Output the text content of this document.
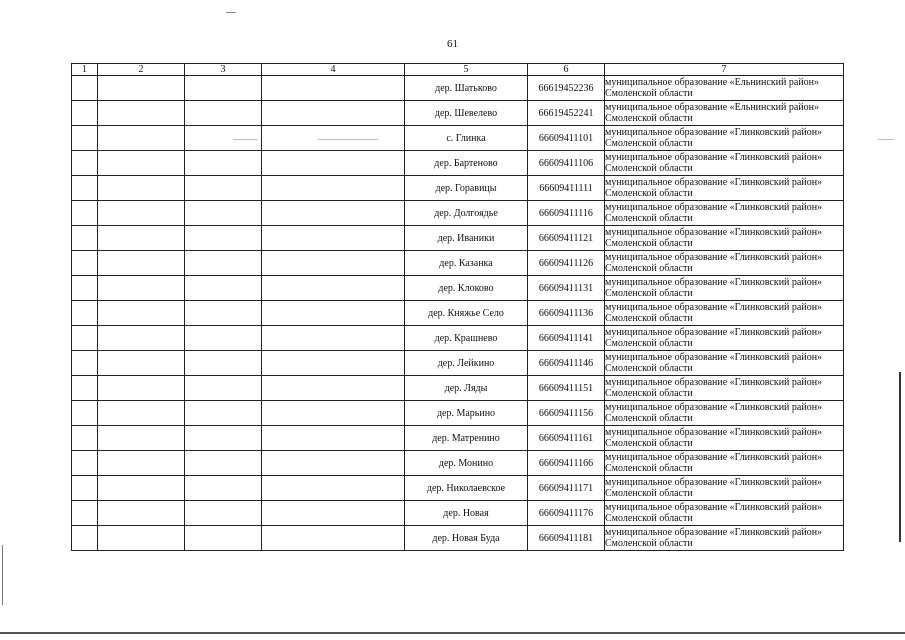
61
1	2	3	4	5	6	7
				дер. Шатьково	66619452236	муниципальное образование «Ельнинский район» Смоленской области
				дер. Шевелево	66619452241	муниципальное образование «Ельнинский район» Смоленской области
				с. Глинка	66609411101	муниципальное образование «Глинковский район» Смоленской области
				дер. Бартеново	66609411106	муниципальное образование «Глинковский район» Смоленской области
				дер. Горавицы	66609411111	муниципальное образование «Глинковский район» Смоленской области
				дер. Долгоядье	66609411116	муниципальное образование «Глинковский район» Смоленской области
				дер. Иваники	66609411121	муниципальное образование «Глинковский район» Смоленской области
				дер. Казанка	66609411126	муниципальное образование «Глинковский район» Смоленской области
				дер. Клоково	66609411131	муниципальное образование «Глинковский район» Смоленской области
				дер. Княжье Село	66609411136	муниципальное образование «Глинковский район» Смоленской области
				дер. Крашнево	66609411141	муниципальное образование «Глинковский район» Смоленской области
				дер. Лейкино	66609411146	муниципальное образование «Глинковский район» Смоленской области
				дер. Ляды	66609411151	муниципальное образование «Глинковский район» Смоленской области
				дер. Марьино	66609411156	муниципальное образование «Глинковский район» Смоленской области
				дер. Матренино	66609411161	муниципальное образование «Глинковский район» Смоленской области
				дер. Монино	66609411166	муниципальное образование «Глинковский район» Смоленской области
				дер. Николаевское	66609411171	муниципальное образование «Глинковский район» Смоленской области
				дер. Новая	66609411176	муниципальное образование «Глинковский район» Смоленской области
				дер. Новая Буда	66609411181	муниципальное образование «Глинковский район» Смоленской области
